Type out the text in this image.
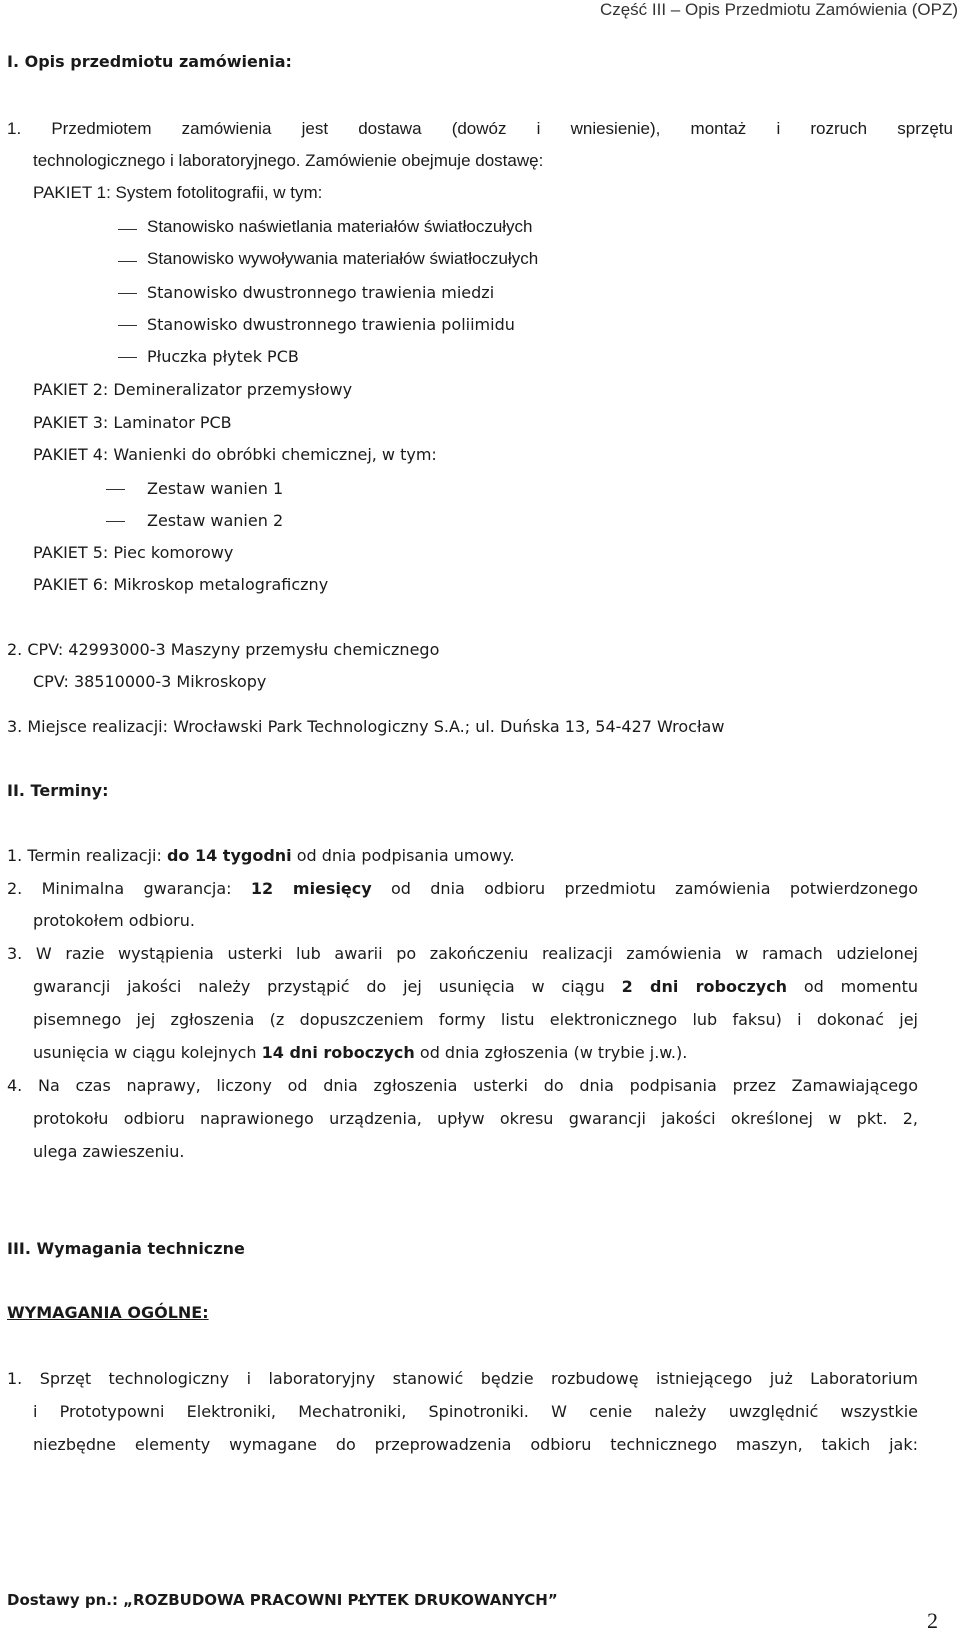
Część III – Opis Przedmiotu Zamówienia (OPZ)
I. Opis przedmiotu zamówienia:
1. Przedmiotem zamówienia jest dostawa (dowóz i wniesienie), montaż i rozruch sprzętu
technologicznego i laboratoryjnego. Zamówienie obejmuje dostawę:
PAKIET 1: System fotolitografii, w tym:
Stanowisko naświetlania materiałów światłoczułych
Stanowisko wywoływania materiałów światłoczułych
Stanowisko dwustronnego trawienia miedzi
Stanowisko dwustronnego trawienia poliimidu
Płuczka płytek PCB
PAKIET 2: Demineralizator przemysłowy
PAKIET 3: Laminator PCB
PAKIET 4: Wanienki do obróbki chemicznej, w tym:
Zestaw wanien 1
Zestaw wanien 2
PAKIET 5: Piec komorowy
PAKIET 6: Mikroskop metalograficzny
2. CPV: 42993000-3 Maszyny przemysłu chemicznego
CPV: 38510000-3 Mikroskopy
3. Miejsce realizacji: Wrocławski Park Technologiczny S.A.; ul. Duńska 13, 54-427 Wrocław
II. Terminy:
1. Termin realizacji: do 14 tygodni od dnia podpisania umowy.
2. Minimalna gwarancja: 12 miesięcy od dnia odbioru przedmiotu zamówienia potwierdzonego
protokołem odbioru.
3. W razie wystąpienia usterki lub awarii po zakończeniu realizacji zamówienia w ramach udzielonej
gwarancji jakości należy przystąpić do jej usunięcia w ciągu 2 dni roboczych od momentu
pisemnego jej zgłoszenia (z dopuszczeniem formy listu elektronicznego lub faksu) i dokonać jej
usunięcia w ciągu kolejnych 14 dni roboczych od dnia zgłoszenia (w trybie j.w.).
4. Na czas naprawy, liczony od dnia zgłoszenia usterki do dnia podpisania przez Zamawiającego
protokołu odbioru naprawionego urządzenia, upływ okresu gwarancji jakości określonej w pkt. 2,
ulega zawieszeniu.
III. Wymagania techniczne
WYMAGANIA OGÓLNE:
1. Sprzęt technologiczny i laboratoryjny stanowić będzie rozbudowę istniejącego już Laboratorium
i Prototypowni Elektroniki, Mechatroniki, Spinotroniki. W cenie należy uwzględnić wszystkie
niezbędne elementy wymagane do przeprowadzenia odbioru technicznego maszyn, takich jak:
Dostawy pn.: „ROZBUDOWA PRACOWNI PŁYTEK DRUKOWANYCH”
2
